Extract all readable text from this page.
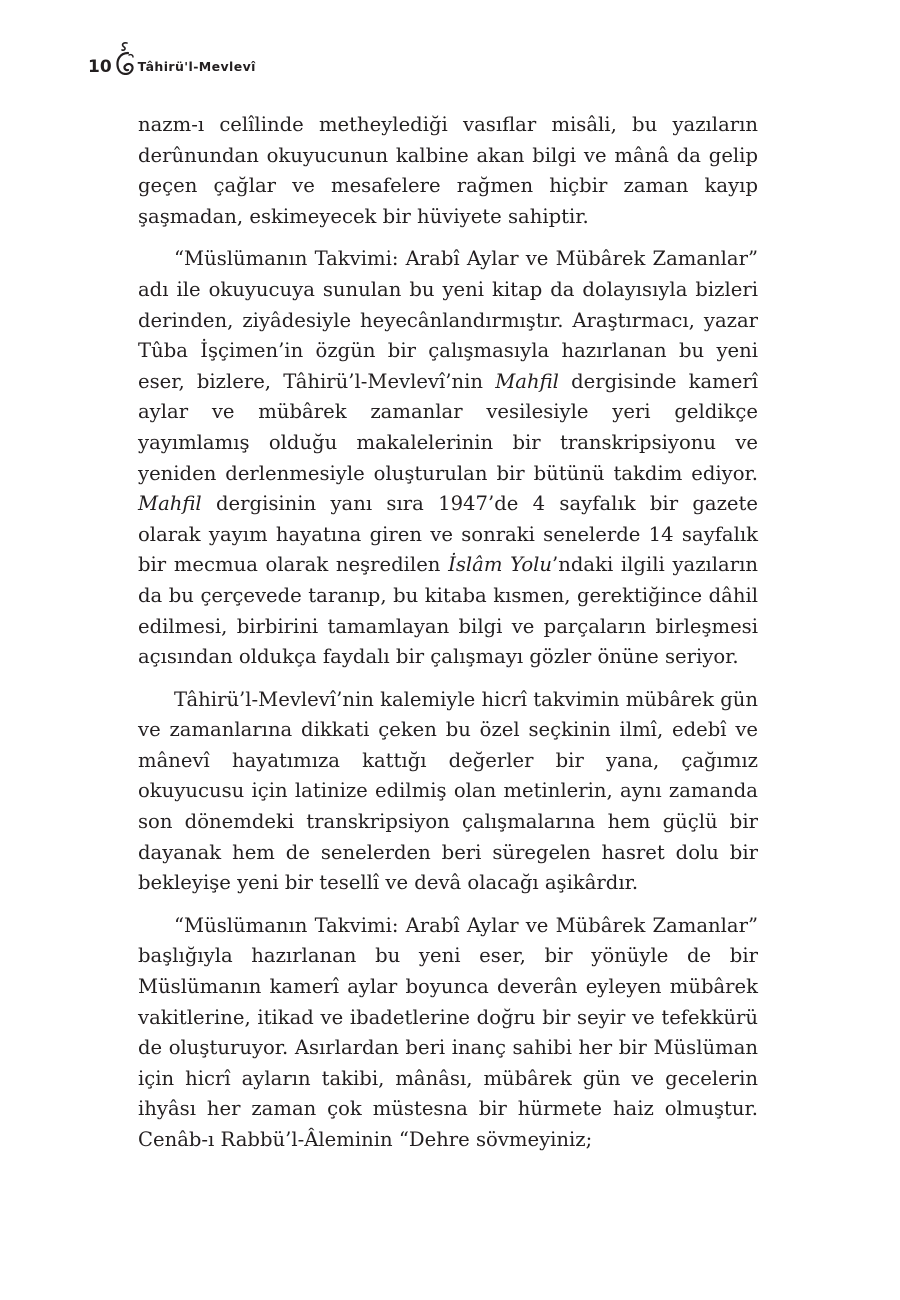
10 Tâhirü'l-Mevlevî

nazm-ı celîlinde metheylediği vasıflar misâli, bu yazıların derûnundan okuyucunun kalbine akan bilgi ve mânâ da gelip geçen çağlar ve mesafelere rağmen hiçbir zaman kayıp şaşmadan, eskimeyecek bir hüviyete sahiptir.

“Müslümanın Takvimi: Arabî Aylar ve Mübârek Zamanlar” adı ile okuyucuya sunulan bu yeni kitap da dolayısıyla bizleri derinden, ziyâdesiyle heyecânlandırmıştır. Araştırmacı, yazar Tûba İşçimen’in özgün bir çalışmasıyla hazırlanan bu yeni eser, bizlere, Tâhirü’l-Mevlevî’nin Mahfil dergisinde kamerî aylar ve mübârek zamanlar vesilesiyle yeri geldikçe yayımlamış olduğu makalelerinin bir transkripsiyonu ve yeniden derlenmesiyle oluşturulan bir bütünü takdim ediyor. Mahfil dergisinin yanı sıra 1947’de 4 sayfalık bir gazete olarak yayım hayatına giren ve sonraki senelerde 14 sayfalık bir mecmua olarak neşredilen İslâm Yolu’ndaki ilgili yazıların da bu çerçevede taranıp, bu kitaba kısmen, gerektiğince dâhil edilmesi, birbirini tamamlayan bilgi ve parçaların birleşmesi açısından oldukça faydalı bir çalışmayı gözler önüne seriyor.

Tâhirü’l-Mevlevî’nin kalemiyle hicrî takvimin mübârek gün ve zamanlarına dikkati çeken bu özel seçkinin ilmî, edebî ve mânevî hayatımıza kattığı değerler bir yana, çağımız okuyucusu için latinize edilmiş olan metinlerin, aynı zamanda son dönemdeki transkripsiyon çalışmalarına hem güçlü bir dayanak hem de senelerden beri süregelen hasret dolu bir bekleyişe yeni bir tesellî ve devâ olacağı aşikârdır.

“Müslümanın Takvimi: Arabî Aylar ve Mübârek Zamanlar” başlığıyla hazırlanan bu yeni eser, bir yönüyle de bir Müslümanın kamerî aylar boyunca deverân eyleyen mübârek vakitlerine, itikad ve ibadetlerine doğru bir seyir ve tefekkürü de oluşturuyor. Asırlardan beri inanç sahibi her bir Müslüman için hicrî ayların takibi, mânâsı, mübârek gün ve gecelerin ihyâsı her zaman çok müstesna bir hürmete haiz olmuştur. Cenâb-ı Rabbü’l-Âleminin “Dehre sövmeyiniz;
